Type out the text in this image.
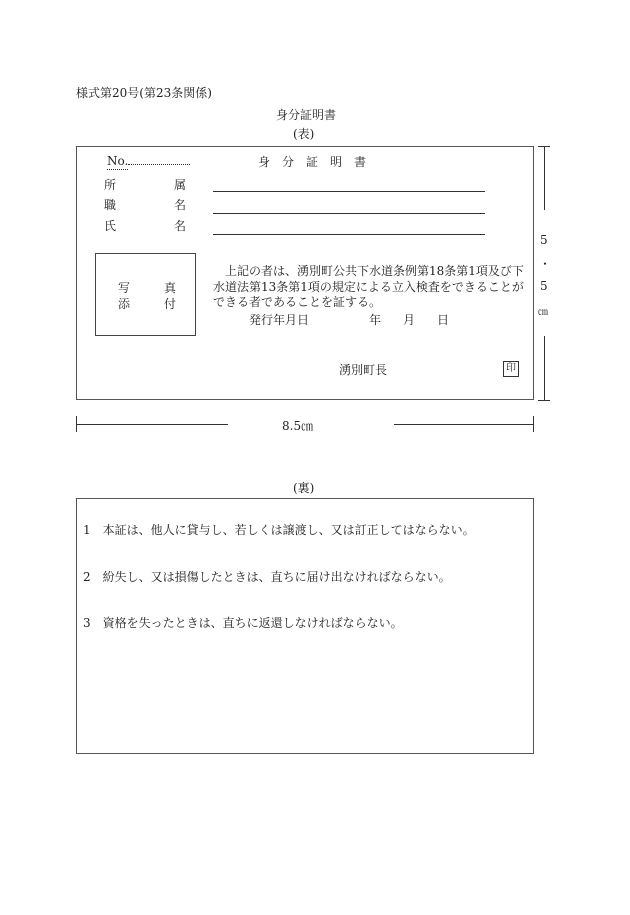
様式第20号(第23条関係)
身分証明書
(表)
No.	身　分　証　明　書
所	属
職	名
氏	名
写	真
添	付
上記の者は、湧別町公共下水道条例第18条第1項及び下水道法第13条第1項の規定による立入検査をできることができる者であることを証する。
発行年月日	年 月 日
湧別町長	印
5
・
5
㎝
8.5㎝
(裏)
1　本証は、他人に貸与し、若しくは譲渡し、又は訂正してはならない。
2　紛失し、又は損傷したときは、直ちに届け出なければならない。
3　資格を失ったときは、直ちに返還しなければならない。
